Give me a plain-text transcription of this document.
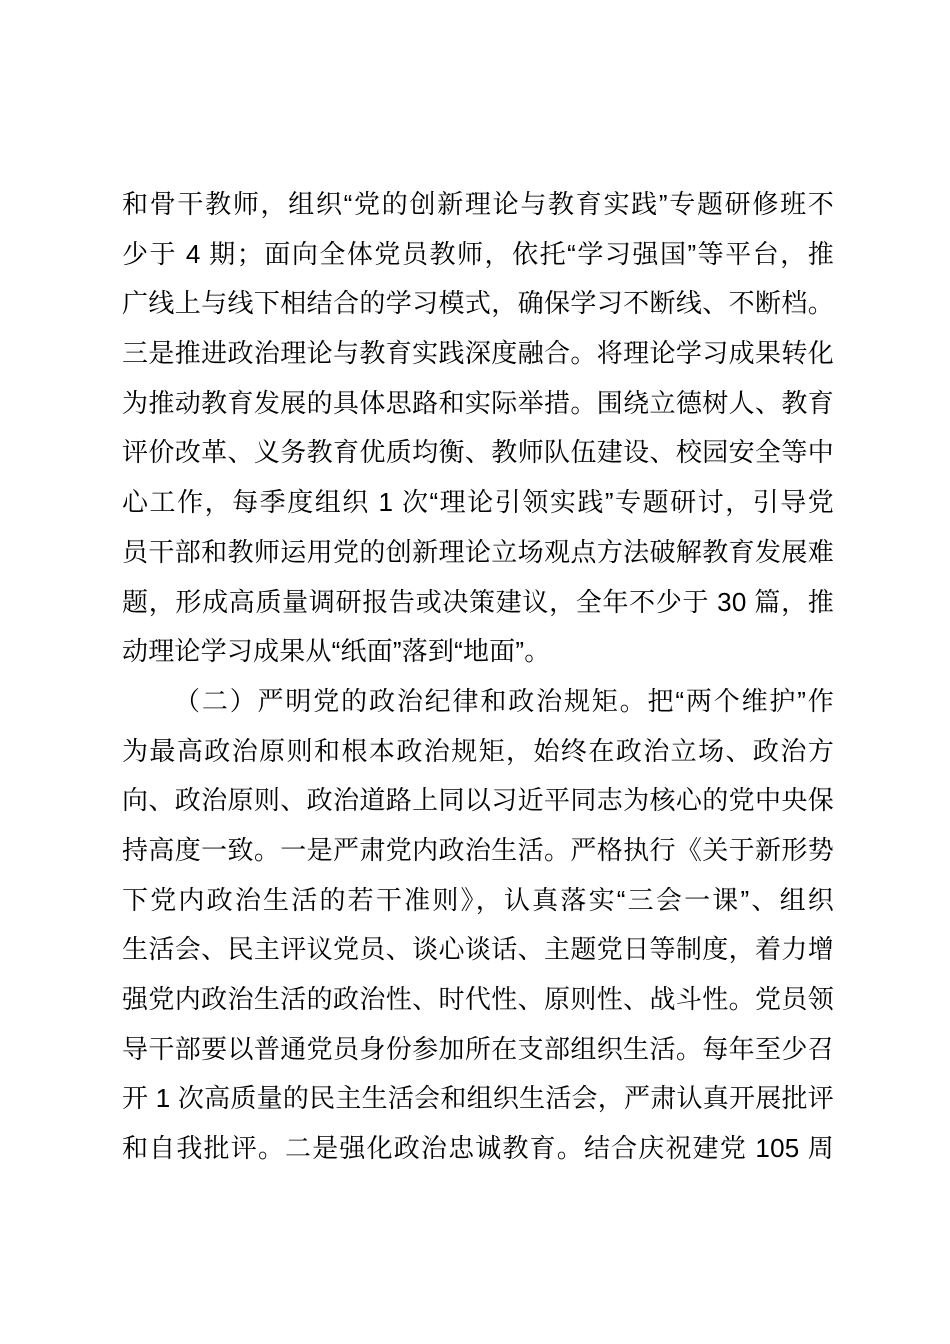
和骨干教师，组织“党的创新理论与教育实践”专题研修班不
少于 4 期；面向全体党员教师，依托“学习强国”等平台，推
广线上与线下相结合的学习模式，确保学习不断线、不断档。
三是推进政治理论与教育实践深度融合。将理论学习成果转化
为推动教育发展的具体思路和实际举措。围绕立德树人、教育
评价改革、义务教育优质均衡、教师队伍建设、校园安全等中
心工作，每季度组织 1 次“理论引领实践”专题研讨，引导党
员干部和教师运用党的创新理论立场观点方法破解教育发展难
题，形成高质量调研报告或决策建议，全年不少于 30 篇，推
动理论学习成果从“纸面”落到“地面”。
（二）严明党的政治纪律和政治规矩。把“两个维护”作
为最高政治原则和根本政治规矩，始终在政治立场、政治方
向、政治原则、政治道路上同以习近平同志为核心的党中央保
持高度一致。一是严肃党内政治生活。严格执行《关于新形势
下党内政治生活的若干准则》，认真落实“三会一课”、组织
生活会、民主评议党员、谈心谈话、主题党日等制度，着力增
强党内政治生活的政治性、时代性、原则性、战斗性。党员领
导干部要以普通党员身份参加所在支部组织生活。每年至少召
开 1 次高质量的民主生活会和组织生活会，严肃认真开展批评
和自我批评。二是强化政治忠诚教育。结合庆祝建党 105 周
